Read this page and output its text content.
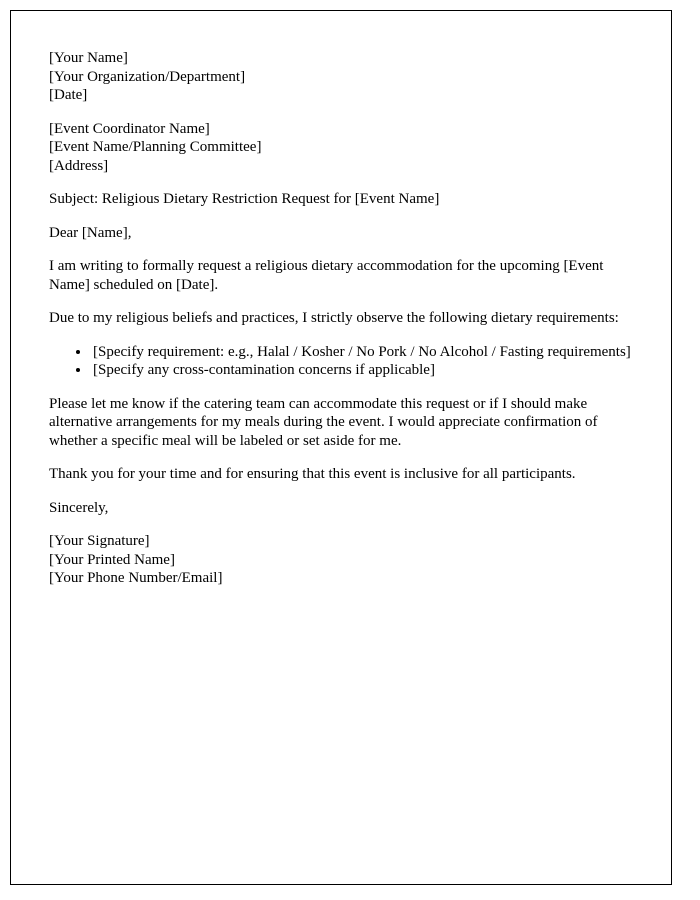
[Your Name]
[Your Organization/Department]
[Date]
[Event Coordinator Name]
[Event Name/Planning Committee]
[Address]

Subject: Religious Dietary Restriction Request for [Event Name]

Dear [Name],

I am writing to formally request a religious dietary accommodation for the upcoming [Event Name] scheduled on [Date].

Due to my religious beliefs and practices, I strictly observe the following dietary requirements:

• [Specify requirement: e.g., Halal / Kosher / No Pork / No Alcohol / Fasting requirements]
• [Specify any cross-contamination concerns if applicable]

Please let me know if the catering team can accommodate this request or if I should make alternative arrangements for my meals during the event. I would appreciate confirmation of whether a specific meal will be labeled or set aside for me.

Thank you for your time and for ensuring that this event is inclusive for all participants.

Sincerely,

[Your Signature]
[Your Printed Name]
[Your Phone Number/Email]
